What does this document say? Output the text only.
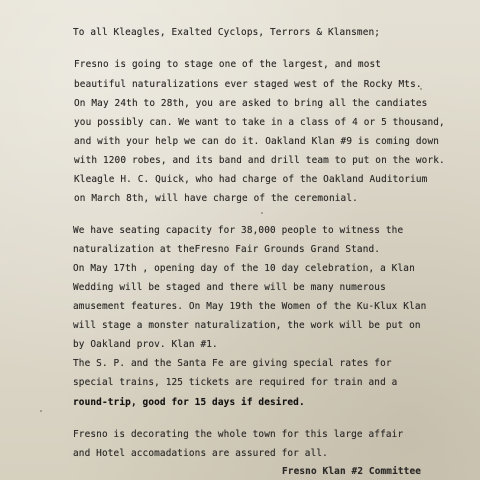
To all Kleagles, Exalted Cyclops, Terrors & Klansmen;
Fresno is going to stage one of the largest, and most
beautiful naturalizations ever staged west of the Rocky Mts.
On May 24th to 28th, you are asked to bring all the candiates
you possibly can. We want to take in a class of 4 or 5 thousand,
and with your help we can do it. Oakland Klan #9 is coming down
with 1200 robes, and its band and drill team to put on the work.
Kleagle H. C. Quick, who had charge of the Oakland Auditorium
on March 8th, will have charge of the ceremonial.
We have seating capacity for 38,000 people to witness the
naturalization at theFresno Fair Grounds Grand Stand.
On May 17th , opening day of the 10 day celebration, a Klan
Wedding will be staged and there will be many numerous
amusement features. On May 19th the Women of the Ku-Klux Klan
will stage a monster naturalization, the work will be put on
by Oakland prov. Klan #1.
The S. P. and the Santa Fe are giving special rates for
special trains, 125 tickets are required for train and a
round-trip, good for 15 days if desired.
Fresno is decorating the whole town for this large affair
and Hotel accomadations are assured for all.
Fresno Klan #2 Committee
